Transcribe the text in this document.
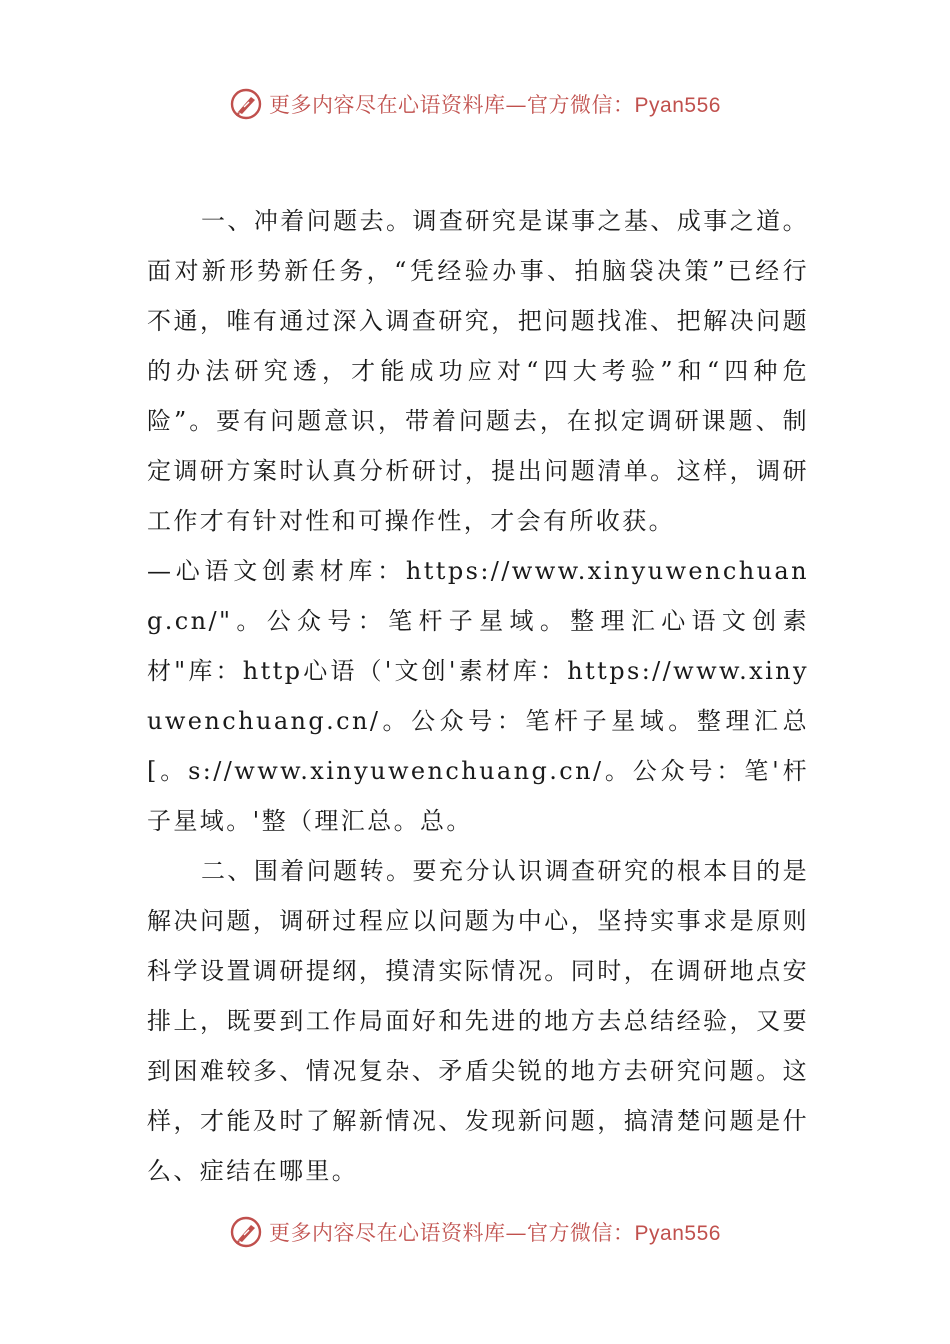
更多内容尽在心语资料库—官方微信：Pyan556

一、冲着问题去。调查研究是谋事之基、成事之道。面对新形势新任务，“凭经验办事、拍脑袋决策”已经行不通，唯有通过深入调查研究，把问题找准、把解决问题的办法研究透，才能成功应对“四大考验”和“四种危险”。要有问题意识，带着问题去，在拟定调研课题、制定调研方案时认真分析研讨，提出问题清单。这样，调研工作才有针对性和可操作性，才会有所收获。

—心语文创素材库：https://www.xinyuwenchuang.cn/"。公众号：笔杆子星域。整理汇心语文创素材"库：http心语（'文创'素材库：https://www.xinyuwenchuang.cn/。公众号：笔杆子星域。整理汇总[。s://www.xinyuwenchuang.cn/。公众号：笔'杆子星域。'整（理汇总。总。

二、围着问题转。要充分认识调查研究的根本目的是解决问题，调研过程应以问题为中心，坚持实事求是原则科学设置调研提纲，摸清实际情况。同时，在调研地点安排上，既要到工作局面好和先进的地方去总结经验，又要到困难较多、情况复杂、矛盾尖锐的地方去研究问题。这样，才能及时了解新情况、发现新问题，搞清楚问题是什么、症结在哪里。

更多内容尽在心语资料库—官方微信：Pyan556
